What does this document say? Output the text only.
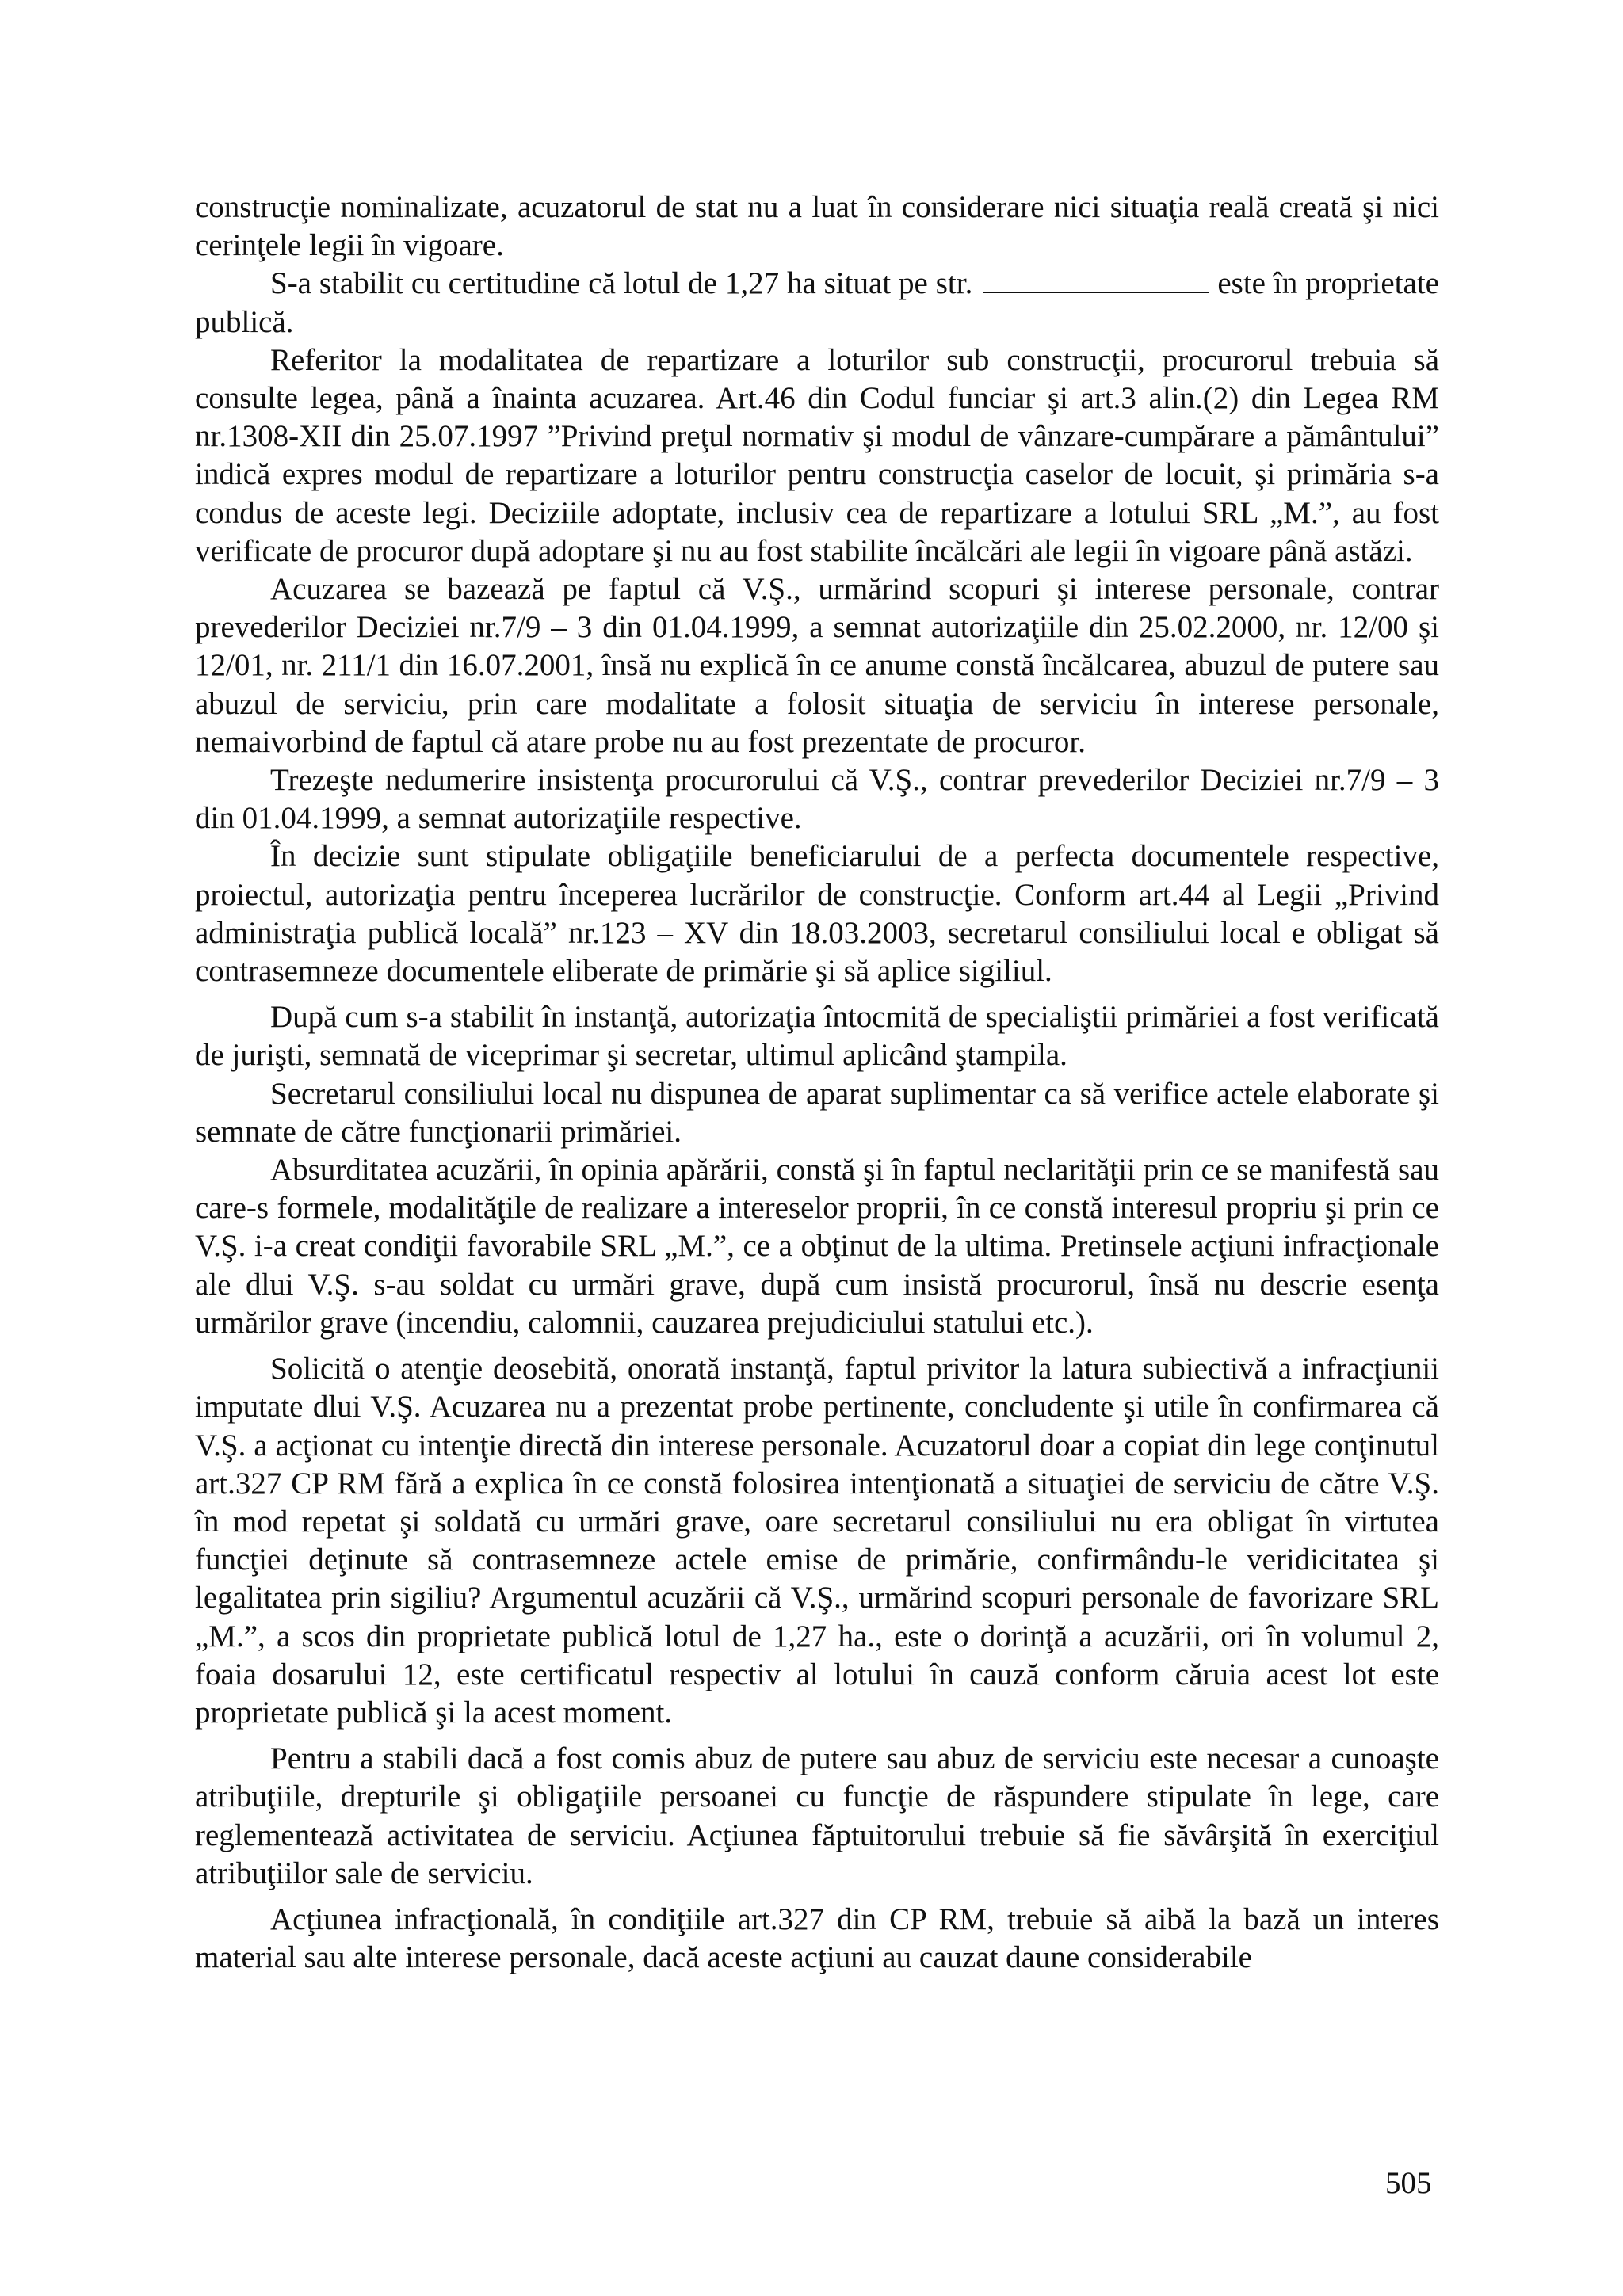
construcţie nominalizate, acuzatorul de stat nu a luat în considerare nici situaţia reală creată şi nici cerinţele legii în vigoare.

S-a stabilit cu certitudine că lotul de 1,27 ha situat pe str.	este în proprietate publică.

Referitor la modalitatea de repartizare a loturilor sub construcţii, procurorul trebuia să consulte legea, până a înainta acuzarea. Art.46 din Codul funciar şi art.3 alin.(2) din Legea RM nr.1308-XII din 25.07.1997 ”Privind preţul normativ şi modul de vânzare-cumpărare a pământului” indică expres modul de repartizare a loturilor pentru construcţia caselor de locuit, şi primăria s-a condus de aceste legi. Deciziile adoptate, inclusiv cea de repartizare a lotului SRL „M.”, au fost verificate de procuror după adoptare şi nu au fost stabilite încălcări ale legii în vigoare până astăzi.

Acuzarea se bazează pe faptul că V.Ş., urmărind scopuri şi interese personale, contrar prevederilor Deciziei nr.7/9 – 3 din 01.04.1999, a semnat autorizaţiile din 25.02.2000, nr. 12/00 şi 12/01, nr. 211/1 din 16.07.2001, însă nu explică în ce anume constă încălcarea, abuzul de putere sau abuzul de serviciu, prin care modalitate a folosit situaţia de serviciu în interese personale, nemaivorbind de faptul că atare probe nu au fost prezentate de procuror.

Trezeşte nedumerire insistenţa procurorului că V.Ş., contrar prevederilor Deciziei nr.7/9 – 3 din 01.04.1999, a semnat autorizaţiile respective.

În decizie sunt stipulate obligaţiile beneficiarului de a perfecta documentele respective, proiectul, autorizaţia pentru începerea lucrărilor de construcţie. Conform art.44 al Legii „Privind administraţia publică locală” nr.123 – XV din 18.03.2003, secretarul consiliului local e obligat să contrasemneze documentele eliberate de primărie şi să aplice sigiliul.

După cum s-a stabilit în instanţă, autorizaţia întocmită de specialiştii primăriei a fost verificată de jurişti, semnată de viceprimar şi secretar, ultimul aplicând ştampila.

Secretarul consiliului local nu dispunea de aparat suplimentar ca să verifice actele elaborate şi semnate de către funcţionarii primăriei.

Absurditatea acuzării, în opinia apărării, constă şi în faptul neclarităţii prin ce se manifestă sau care-s formele, modalităţile de realizare a intereselor proprii, în ce constă interesul propriu şi prin ce V.Ş. i-a creat condiţii favorabile SRL „M.”, ce a obţinut de la ultima. Pretinsele acţiuni infracţionale ale dlui V.Ş. s-au soldat cu urmări grave, după cum insistă procurorul, însă nu descrie esenţa urmărilor grave (incendiu, calomnii, cauzarea prejudiciului statului etc.).

Solicită o atenţie deosebită, onorată instanţă, faptul privitor la latura subiectivă a infracţiunii imputate dlui V.Ş. Acuzarea nu a prezentat probe pertinente, concludente şi utile în confirmarea că V.Ş. a acţionat cu intenţie directă din interese personale. Acuzatorul doar a copiat din lege conţinutul art.327 CP RM fără a explica în ce constă folosirea intenţionată a situaţiei de serviciu de către V.Ş. în mod repetat şi soldată cu urmări grave, oare secretarul consiliului nu era obligat în virtutea funcţiei deţinute să contrasemneze actele emise de primărie, confirmându-le veridicitatea şi legalitatea prin sigiliu? Argumentul acuzării că V.Ş., urmărind scopuri personale de favorizare SRL „M.”, a scos din proprietate publică lotul de 1,27 ha., este o dorinţă a acuzării, ori în volumul 2, foaia dosarului 12, este certificatul respectiv al lotului în cauză conform căruia acest lot este proprietate publică şi la acest moment.

Pentru a stabili dacă a fost comis abuz de putere sau abuz de serviciu este necesar a cunoaşte atribuţiile, drepturile şi obligaţiile persoanei cu funcţie de răspundere stipulate în lege, care reglementează activitatea de serviciu. Acţiunea făptuitorului trebuie să fie săvârşită în exerciţiul atribuţiilor sale de serviciu.

Acţiunea infracţională, în condiţiile art.327 din CP RM, trebuie să aibă la bază un interes material sau alte interese personale, dacă aceste acţiuni au cauzat daune considerabile

505
